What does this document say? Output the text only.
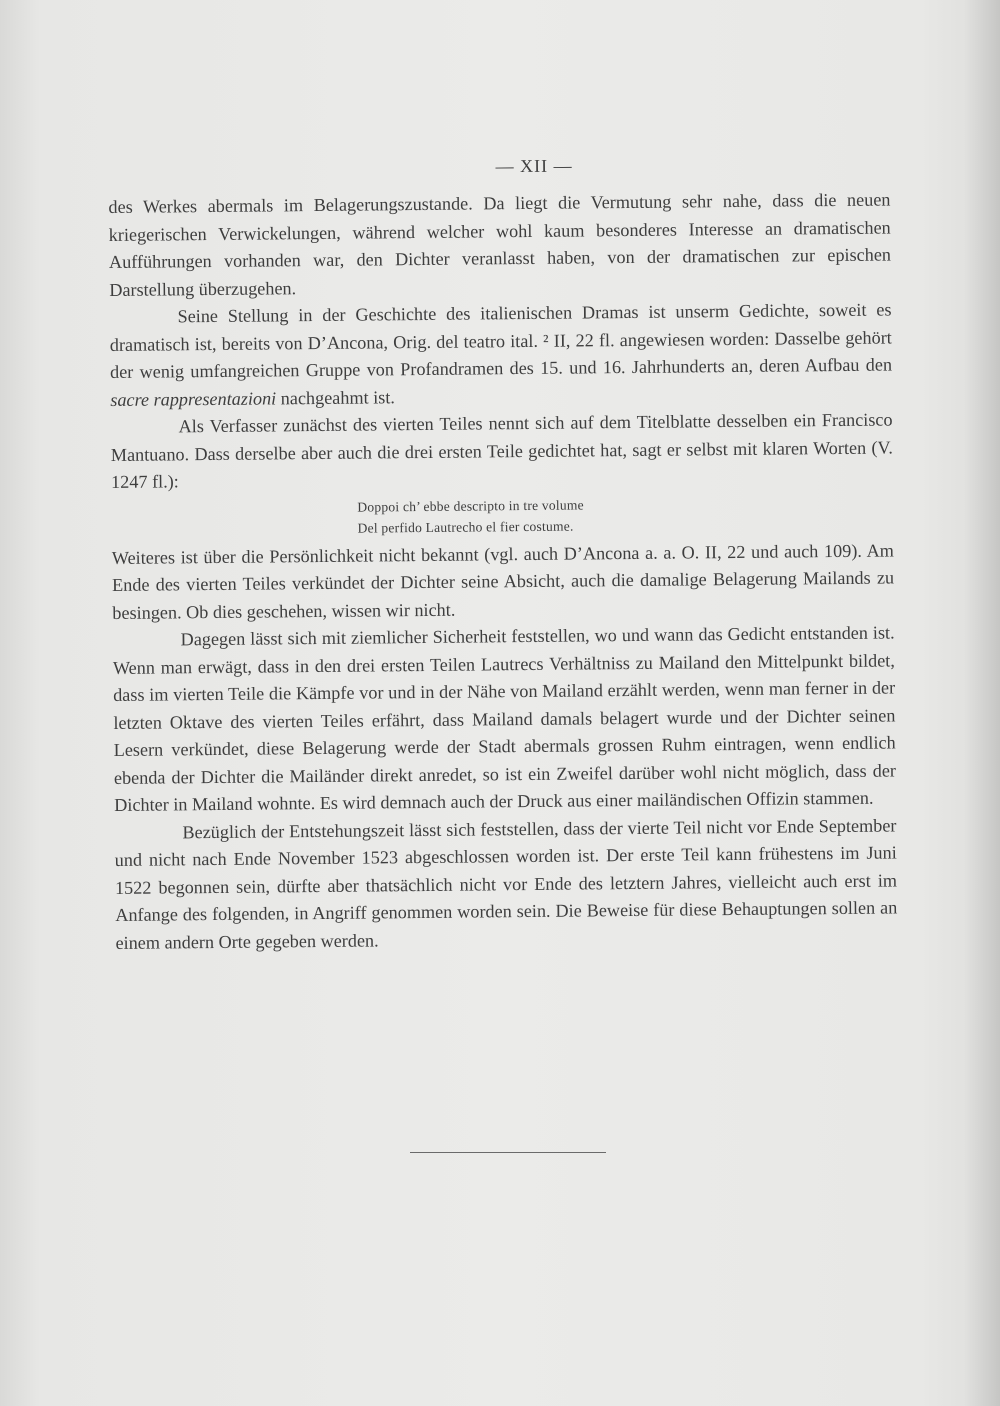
— XII —

des Werkes abermals im Belagerungszustande. Da liegt die Vermutung sehr nahe, dass die neuen kriegerischen Verwickelungen, während welcher wohl kaum besonderes Interesse an dramatischen Aufführungen vorhanden war, den Dichter veranlasst haben, von der dramatischen zur epischen Darstellung überzugehen.

Seine Stellung in der Geschichte des italienischen Dramas ist unserm Gedichte, soweit es dramatisch ist, bereits von D’Ancona, Orig. del teatro ital. ² II, 22 fl. angewiesen worden: Dasselbe gehört der wenig umfangreichen Gruppe von Profandramen des 15. und 16. Jahrhunderts an, deren Aufbau den sacre rappresentazioni nachgeahmt ist.

Als Verfasser zunächst des vierten Teiles nennt sich auf dem Titelblatte desselben ein Francisco Mantuano. Dass derselbe aber auch die drei ersten Teile gedichtet hat, sagt er selbst mit klaren Worten (V. 1247 fl.):

Doppoi ch’ ebbe descripto in tre volume
Del perfido Lautrecho el fier costume.

Weiteres ist über die Persönlichkeit nicht bekannt (vgl. auch D’Ancona a. a. O. II, 22 und auch 109). Am Ende des vierten Teiles verkündet der Dichter seine Absicht, auch die damalige Belagerung Mailands zu besingen. Ob dies geschehen, wissen wir nicht.

Dagegen lässt sich mit ziemlicher Sicherheit feststellen, wo und wann das Gedicht entstanden ist. Wenn man erwägt, dass in den drei ersten Teilen Lautrecs Verhältniss zu Mailand den Mittelpunkt bildet, dass im vierten Teile die Kämpfe vor und in der Nähe von Mailand erzählt werden, wenn man ferner in der letzten Oktave des vierten Teiles erfährt, dass Mailand damals belagert wurde und der Dichter seinen Lesern verkündet, diese Belagerung werde der Stadt abermals grossen Ruhm eintragen, wenn endlich ebenda der Dichter die Mailänder direkt anredet, so ist ein Zweifel darüber wohl nicht möglich, dass der Dichter in Mailand wohnte. Es wird demnach auch der Druck aus einer mailändischen Offizin stammen.

Bezüglich der Entstehungszeit lässt sich feststellen, dass der vierte Teil nicht vor Ende September und nicht nach Ende November 1523 abgeschlossen worden ist. Der erste Teil kann frühestens im Juni 1522 begonnen sein, dürfte aber thatsächlich nicht vor Ende des letztern Jahres, vielleicht auch erst im Anfange des folgenden, in Angriff genommen worden sein. Die Beweise für diese Behauptungen sollen an einem andern Orte gegeben werden.
